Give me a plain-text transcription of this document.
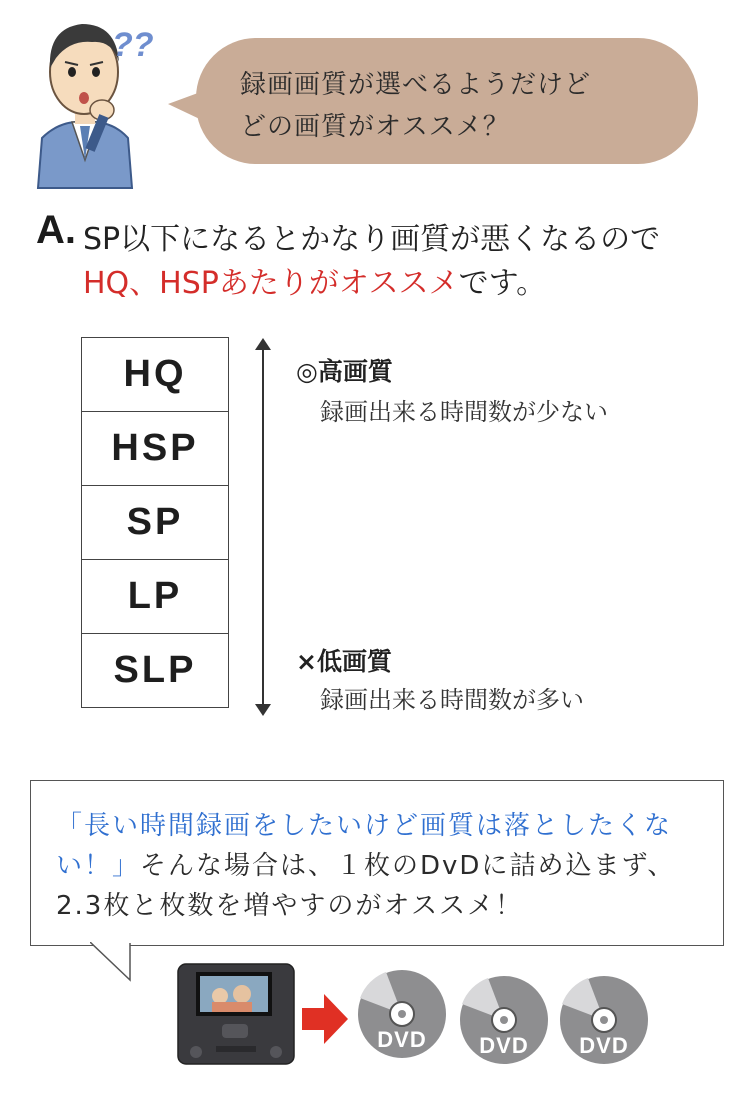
??
録画画質が選べるようだけど
どの画質がオススメ？
A. SP以下になるとかなり画質が悪くなるので
HQ、HSPあたりがオススメです。
HQ
HSP
SP
LP
SLP
◎高画質
録画出来る時間数が少ない
×低画質
録画出来る時間数が多い
「長い時間録画をしたいけど画質は落としたくない！」そんな場合は、１枚のDvDに詰め込まず、2.3枚と枚数を増やすのがオススメ！
DVD DVD DVD
